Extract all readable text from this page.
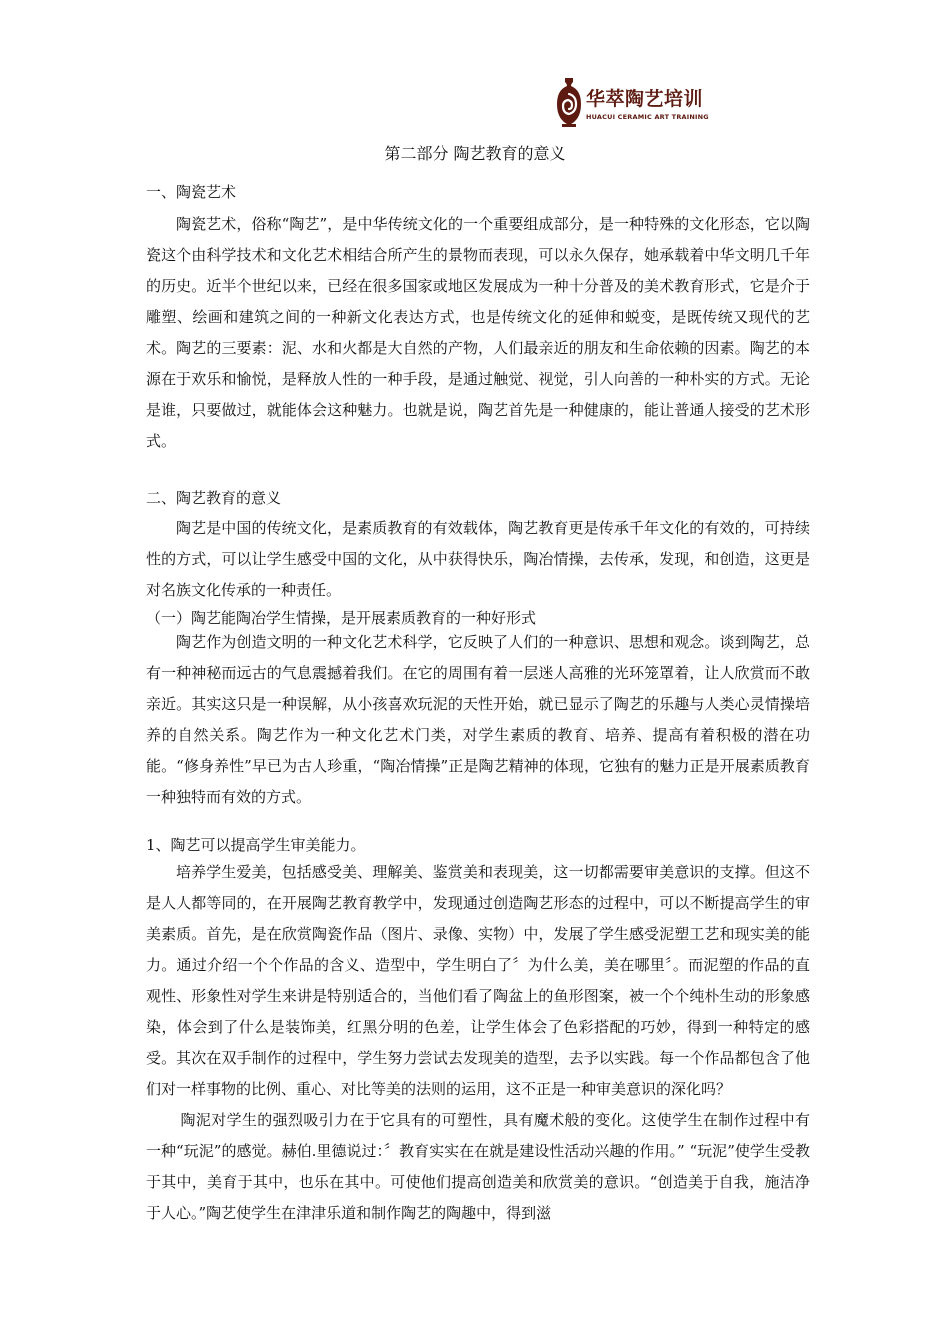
华萃陶艺培训
HUACUI CERAMIC ART TRAINING
第二部分 陶艺教育的意义
一、陶瓷艺术

陶瓷艺术，俗称“陶艺”，是中华传统文化的一个重要组成部分，是一种特殊的文化形态，它以陶瓷这个由科学技术和文化艺术相结合所产生的景物而表现，可以永久保存，她承载着中华文明几千年的历史。近半个世纪以来，已经在很多国家或地区发展成为一种十分普及的美术教育形式，它是介于雕塑、绘画和建筑之间的一种新文化表达方式，也是传统文化的延伸和蜕变，是既传统又现代的艺术。陶艺的三要素：泥、水和火都是大自然的产物，人们最亲近的朋友和生命依赖的因素。陶艺的本源在于欢乐和愉悦，是释放人性的一种手段，是通过触觉、视觉，引人向善的一种朴实的方式。无论是谁，只要做过，就能体会这种魅力。也就是说，陶艺首先是一种健康的，能让普通人接受的艺术形式。

二、陶艺教育的意义

陶艺是中国的传统文化，是素质教育的有效载体，陶艺教育更是传承千年文化的有效的，可持续性的方式，可以让学生感受中国的文化，从中获得快乐，陶冶情操，去传承，发现，和创造，这更是对名族文化传承的一种责任。

（一）陶艺能陶冶学生情操，是开展素质教育的一种好形式

陶艺作为创造文明的一种文化艺术科学，它反映了人们的一种意识、思想和观念。谈到陶艺，总有一种神秘而远古的气息震撼着我们。在它的周围有着一层迷人高雅的光环笼罩着，让人欣赏而不敢亲近。其实这只是一种误解，从小孩喜欢玩泥的天性开始，就已显示了陶艺的乐趣与人类心灵情操培养的自然关系。陶艺作为一种文化艺术门类，对学生素质的教育、培养、提高有着积极的潜在功能。“修身养性”早已为古人珍重，“陶冶情操”正是陶艺精神的体现，它独有的魅力正是开展素质教育一种独特而有效的方式。

1、陶艺可以提高学生审美能力。

培养学生爱美，包括感受美、理解美、鉴赏美和表现美，这一切都需要审美意识的支撑。但这不是人人都等同的，在开展陶艺教育教学中，发现通过创造陶艺形态的过程中，可以不断提高学生的审美素质。首先，是在欣赏陶瓷作品（图片、录像、实物）中，发展了学生感受泥塑工艺和现实美的能力。通过介绍一个个作品的含义、造型中，学生明白了〞为什么美，美在哪里〞。而泥塑的作品的直观性、形象性对学生来讲是特别适合的，当他们看了陶盆上的鱼形图案，被一个个纯朴生动的形象感染，体会到了什么是装饰美，红黑分明的色差，让学生体会了色彩搭配的巧妙，得到一种特定的感受。其次在双手制作的过程中，学生努力尝试去发现美的造型，去予以实践。每一个作品都包含了他们对一样事物的比例、重心、对比等美的法则的运用，这不正是一种审美意识的深化吗？

陶泥对学生的强烈吸引力在于它具有的可塑性，具有魔术般的变化。这使学生在制作过程中有一种“玩泥”的感觉。赫伯.里德说过：〞教育实实在在就是建设性活动兴趣的作用。” “玩泥”使学生受教于其中，美育于其中，也乐在其中。可使他们提高创造美和欣赏美的意识。“创造美于自我，施洁净于人心。”陶艺使学生在津津乐道和制作陶艺的陶趣中，得到滋
